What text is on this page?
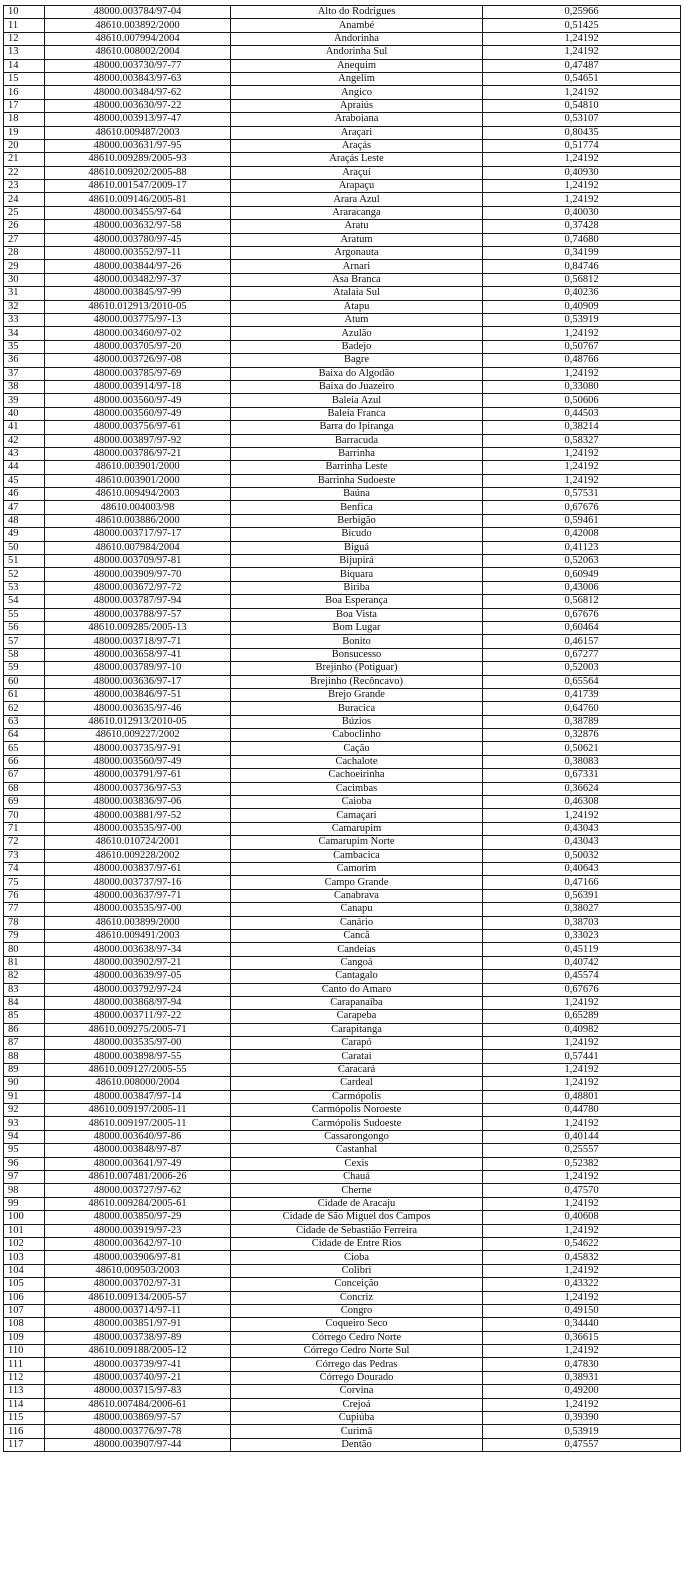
10	48000.003784/97-04	Alto do Rodrigues	0,25966
11	48610.003892/2000	Anambé	0,51425
12	48610.007994/2004	Andorinha	1,24192
13	48610.008002/2004	Andorinha Sul	1,24192
14	48000.003730/97-77	Anequim	0,47487
15	48000.003843/97-63	Angelim	0,54651
16	48000.003484/97-62	Angico	1,24192
17	48000.003630/97-22	Apraiús	0,54810
18	48000.003913/97-47	Araboiana	0,53107
19	48610.009487/2003	Araçari	0,80435
20	48000.003631/97-95	Araçás	0,51774
21	48610.009289/2005-93	Araçás Leste	1,24192
22	48610.009202/2005-88	Araçuí	0,40930
23	48610.001547/2009-17	Arapaçu	1,24192
24	48610.009146/2005-81	Arara Azul	1,24192
25	48000.003455/97-64	Araracanga	0,40030
26	48000.003632/97-58	Aratu	0,37428
27	48000.003780/97-45	Aratum	0,74680
28	48000.003552/97-11	Argonauta	0,34199
29	48000.003844/97-26	Arnari	0,84746
30	48000.003482/97-37	Asa Branca	0,56812
31	48000.003845/97-99	Atalaia Sul	0,40236
32	48610.012913/2010-05	Atapu	0,40909
33	48000.003775/97-13	Atum	0,53919
34	48000.003460/97-02	Azulão	1,24192
35	48000.003705/97-20	Badejo	0,50767
36	48000.003726/97-08	Bagre	0,48766
37	48000.003785/97-69	Baixa do Algodão	1,24192
38	48000.003914/97-18	Baixa do Juazeiro	0,33080
39	48000.003560/97-49	Baleia Azul	0,50606
40	48000.003560/97-49	Baleia Franca	0,44503
41	48000.003756/97-61	Barra do Ipiranga	0,38214
42	48000.003897/97-92	Barracuda	0,58327
43	48000.003786/97-21	Barrinha	1,24192
44	48610.003901/2000	Barrinha Leste	1,24192
45	48610.003901/2000	Barrinha Sudoeste	1,24192
46	48610.009494/2003	Baúna	0,57531
47	48610.004003/98	Benfica	0,67676
48	48610.003886/2000	Berbigão	0,59461
49	48000.003717/97-17	Bicudo	0,42008
50	48610.007984/2004	Biguá	0,41123
51	48000.003709/97-81	Bijupirá	0,52063
52	48000.003909/97-70	Biquara	0,60949
53	48000.003672/97-72	Biriba	0,43006
54	48000.003787/97-94	Boa Esperança	0,56812
55	48000.003788/97-57	Boa Vista	0,67676
56	48610.009285/2005-13	Bom Lugar	0,60464
57	48000.003718/97-71	Bonito	0,46157
58	48000.003658/97-41	Bonsucesso	0,67277
59	48000.003789/97-10	Brejinho (Potiguar)	0,52003
60	48000.003636/97-17	Brejinho (Recôncavo)	0,65564
61	48000.003846/97-51	Brejo Grande	0,41739
62	48000.003635/97-46	Buracica	0,64760
63	48610.012913/2010-05	Búzios	0,38789
64	48610.009227/2002	Caboclinho	0,32876
65	48000.003735/97-91	Cação	0,50621
66	48000.003560/97-49	Cachalote	0,38083
67	48000.003791/97-61	Cachoeirinha	0,67331
68	48000.003736/97-53	Cacimbas	0,36624
69	48000.003836/97-06	Caioba	0,46308
70	48000.003881/97-52	Camaçari	1,24192
71	48000.003535/97-00	Camarupim	0,43043
72	48610.010724/2001	Camarupim Norte	0,43043
73	48610.009228/2002	Cambacica	0,50032
74	48000.003837/97-61	Camorim	0,40643
75	48000.003737/97-16	Campo Grande	0,47166
76	48000.003637/97-71	Canabrava	0,56391
77	48000.003535/97-00	Canapu	0,38027
78	48610.003899/2000	Canário	0,38703
79	48610.009491/2003	Cancã	0,33023
80	48000.003638/97-34	Candeias	0,45119
81	48000.003902/97-21	Cangoá	0,40742
82	48000.003639/97-05	Cantagalo	0,45574
83	48000.003792/97-24	Canto do Amaro	0,67676
84	48000.003868/97-94	Carapanaíba	1,24192
85	48000.003711/97-22	Carapeba	0,65289
86	48610.009275/2005-71	Carapitanga	0,40982
87	48000.003535/97-00	Carapó	1,24192
88	48000.003898/97-55	Carataí	0,57441
89	48610.009127/2005-55	Caracará	1,24192
90	48610.008000/2004	Cardeal	1,24192
91	48000.003847/97-14	Carmópolis	0,48801
92	48610.009197/2005-11	Carmópolis Noroeste	0,44780
93	48610.009197/2005-11	Carmópolis Sudoeste	1,24192
94	48000.003640/97-86	Cassarongongo	0,40144
95	48000.003848/97-87	Castanhal	0,25557
96	48000.003641/97-49	Cexis	0,52382
97	48610.007481/2006-26	Chauá	1,24192
98	48000.003727/97-62	Cherne	0,47570
99	48610.009284/2005-61	Cidade de Aracaju	1,24192
100	48000.003850/97-29	Cidade de São Miguel dos Campos	0,40608
101	48000.003919/97-23	Cidade de Sebastião Ferreira	1,24192
102	48000.003642/97-10	Cidade de Entre Rios	0,54622
103	48000.003906/97-81	Cioba	0,45832
104	48610.009503/2003	Colibri	1,24192
105	48000.003702/97-31	Conceição	0,43322
106	48610.009134/2005-57	Concriz	1,24192
107	48000.003714/97-11	Congro	0,49150
108	48000.003851/97-91	Coqueiro Seco	0,34440
109	48000.003738/97-89	Córrego Cedro Norte	0,36615
110	48610.009188/2005-12	Córrego Cedro Norte Sul	1,24192
111	48000.003739/97-41	Córrego das Pedras	0,47830
112	48000.003740/97-21	Córrego Dourado	0,38931
113	48000.003715/97-83	Corvina	0,49200
114	48610.007484/2006-61	Crejoá	1,24192
115	48000.003869/97-57	Cupiúba	0,39390
116	48000.003776/97-78	Curimã	0,53919
117	48000.003907/97-44	Dentão	0,47557
